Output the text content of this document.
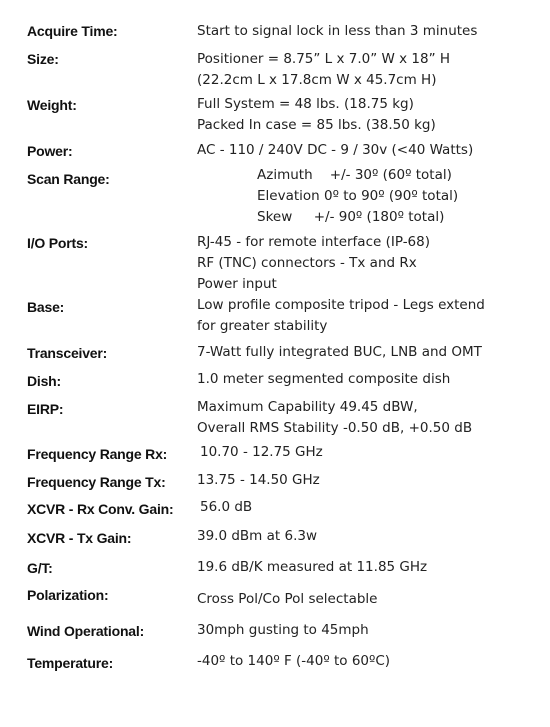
Acquire Time:	Start to signal lock in less than 3 minutes
Size:	Positioner = 8.75” L x 7.0” W x 18” H
(22.2cm L x 17.8cm W x 45.7cm H)
Weight:	Full System = 48 lbs. (18.75 kg)
Packed In case = 85 lbs. (38.50 kg)
Power:	AC - 110 / 240V DC - 9 / 30v (<40 Watts)
Scan Range:	Azimuth    +/- 30º (60º total)
Elevation 0º to 90º (90º total)
Skew     +/- 90º (180º total)
I/O Ports:	RJ-45 - for remote interface (IP-68)
RF (TNC) connectors - Tx and Rx
Power input
Base:	Low profile composite tripod - Legs extend
for greater stability
Transceiver:	7-Watt fully integrated BUC, LNB and OMT
Dish:	1.0 meter segmented composite dish
EIRP:	Maximum Capability 49.45 dBW,
Overall RMS Stability -0.50 dB, +0.50 dB
Frequency Range Rx: 10.70 - 12.75 GHz
Frequency Range Tx: 13.75 - 14.50 GHz
XCVR - Rx Conv. Gain: 56.0 dB
XCVR - Tx Gain:	39.0 dBm at 6.3w
G/T:	19.6 dB/K measured at 11.85 GHz
Polarization:	Cross Pol/Co Pol selectable
Wind Operational:	30mph gusting to 45mph
Temperature:	-40º to 140º F (-40º to 60ºC)
